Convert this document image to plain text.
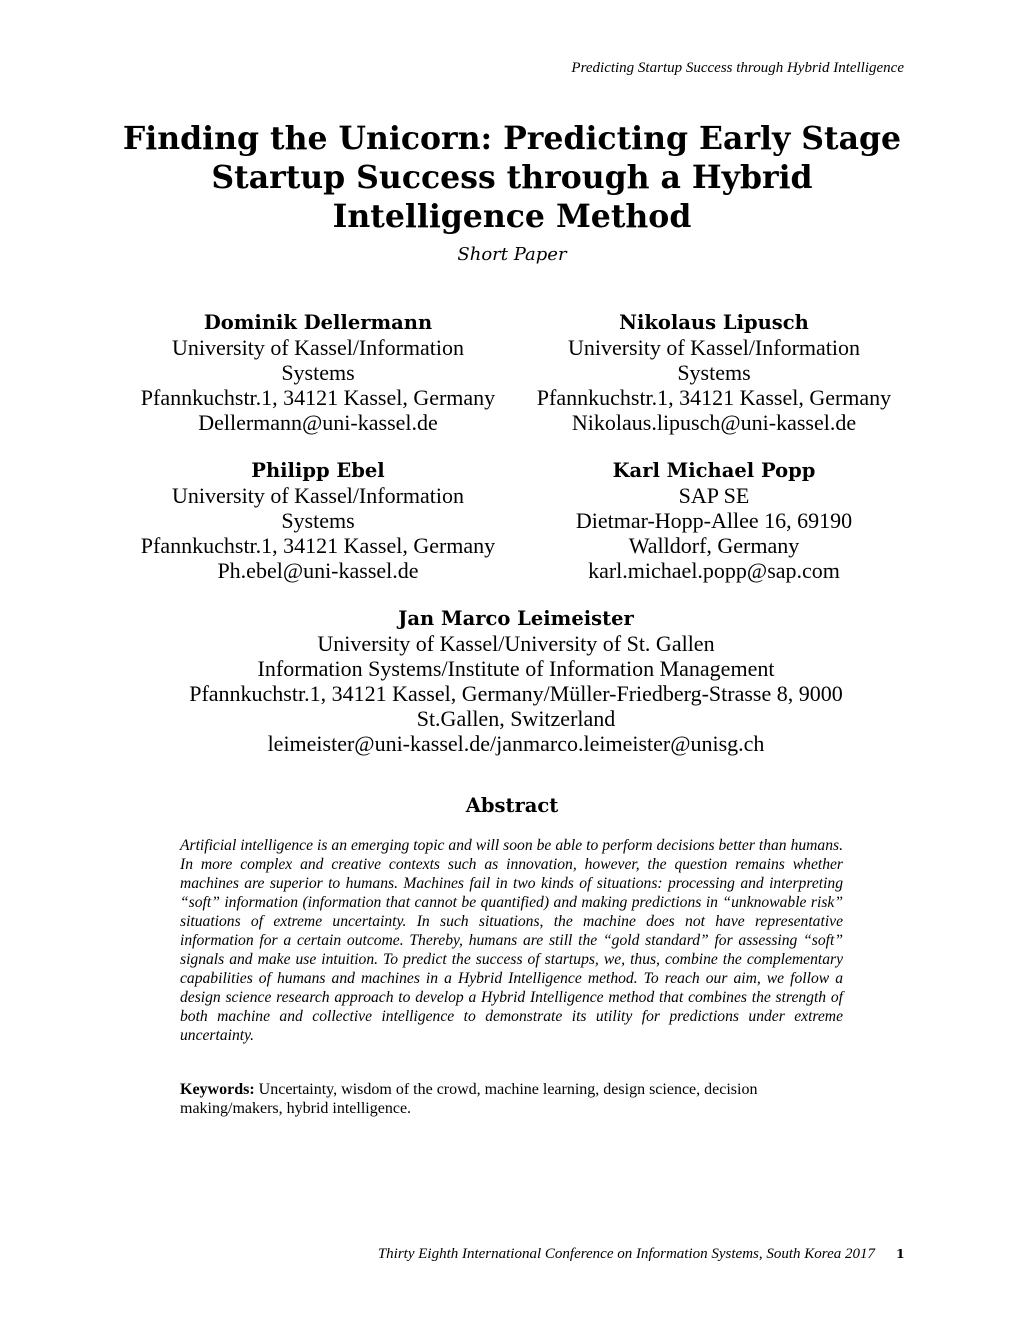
Predicting Startup Success through Hybrid Intelligence
Finding the Unicorn: Predicting Early Stage
Startup Success through a Hybrid
Intelligence Method
Short Paper
Dominik Dellermann
University of Kassel/Information
Systems
Pfannkuchstr.1, 34121 Kassel, Germany
Dellermann@uni-kassel.de
Nikolaus Lipusch
University of Kassel/Information
Systems
Pfannkuchstr.1, 34121 Kassel, Germany
Nikolaus.lipusch@uni-kassel.de
Philipp Ebel
University of Kassel/Information
Systems
Pfannkuchstr.1, 34121 Kassel, Germany
Ph.ebel@uni-kassel.de
Karl Michael Popp
SAP SE
Dietmar-Hopp-Allee 16, 69190
Walldorf, Germany
karl.michael.popp@sap.com
Jan Marco Leimeister
University of Kassel/University of St. Gallen
Information Systems/Institute of Information Management
Pfannkuchstr.1, 34121 Kassel, Germany/Müller-Friedberg-Strasse 8, 9000
St.Gallen, Switzerland
leimeister@uni-kassel.de/janmarco.leimeister@unisg.ch
Abstract

Artificial intelligence is an emerging topic and will soon be able to perform decisions better than humans. In more complex and creative contexts such as innovation, however, the question remains whether machines are superior to humans. Machines fail in two kinds of situations: processing and interpreting “soft” information (information that cannot be quantified) and making predictions in “unknowable risk” situations of extreme uncertainty. In such situations, the machine does not have representative information for a certain outcome. Thereby, humans are still the “gold standard” for assessing “soft” signals and make use intuition. To predict the success of startups, we, thus, combine the complementary capabilities of humans and machines in a Hybrid Intelligence method. To reach our aim, we follow a design science research approach to develop a Hybrid Intelligence method that combines the strength of both machine and collective intelligence to demonstrate its utility for predictions under extreme uncertainty.

Keywords: Uncertainty, wisdom of the crowd, machine learning, design science, decision making/makers, hybrid intelligence.

Thirty Eighth International Conference on Information Systems, South Korea 2017 1
